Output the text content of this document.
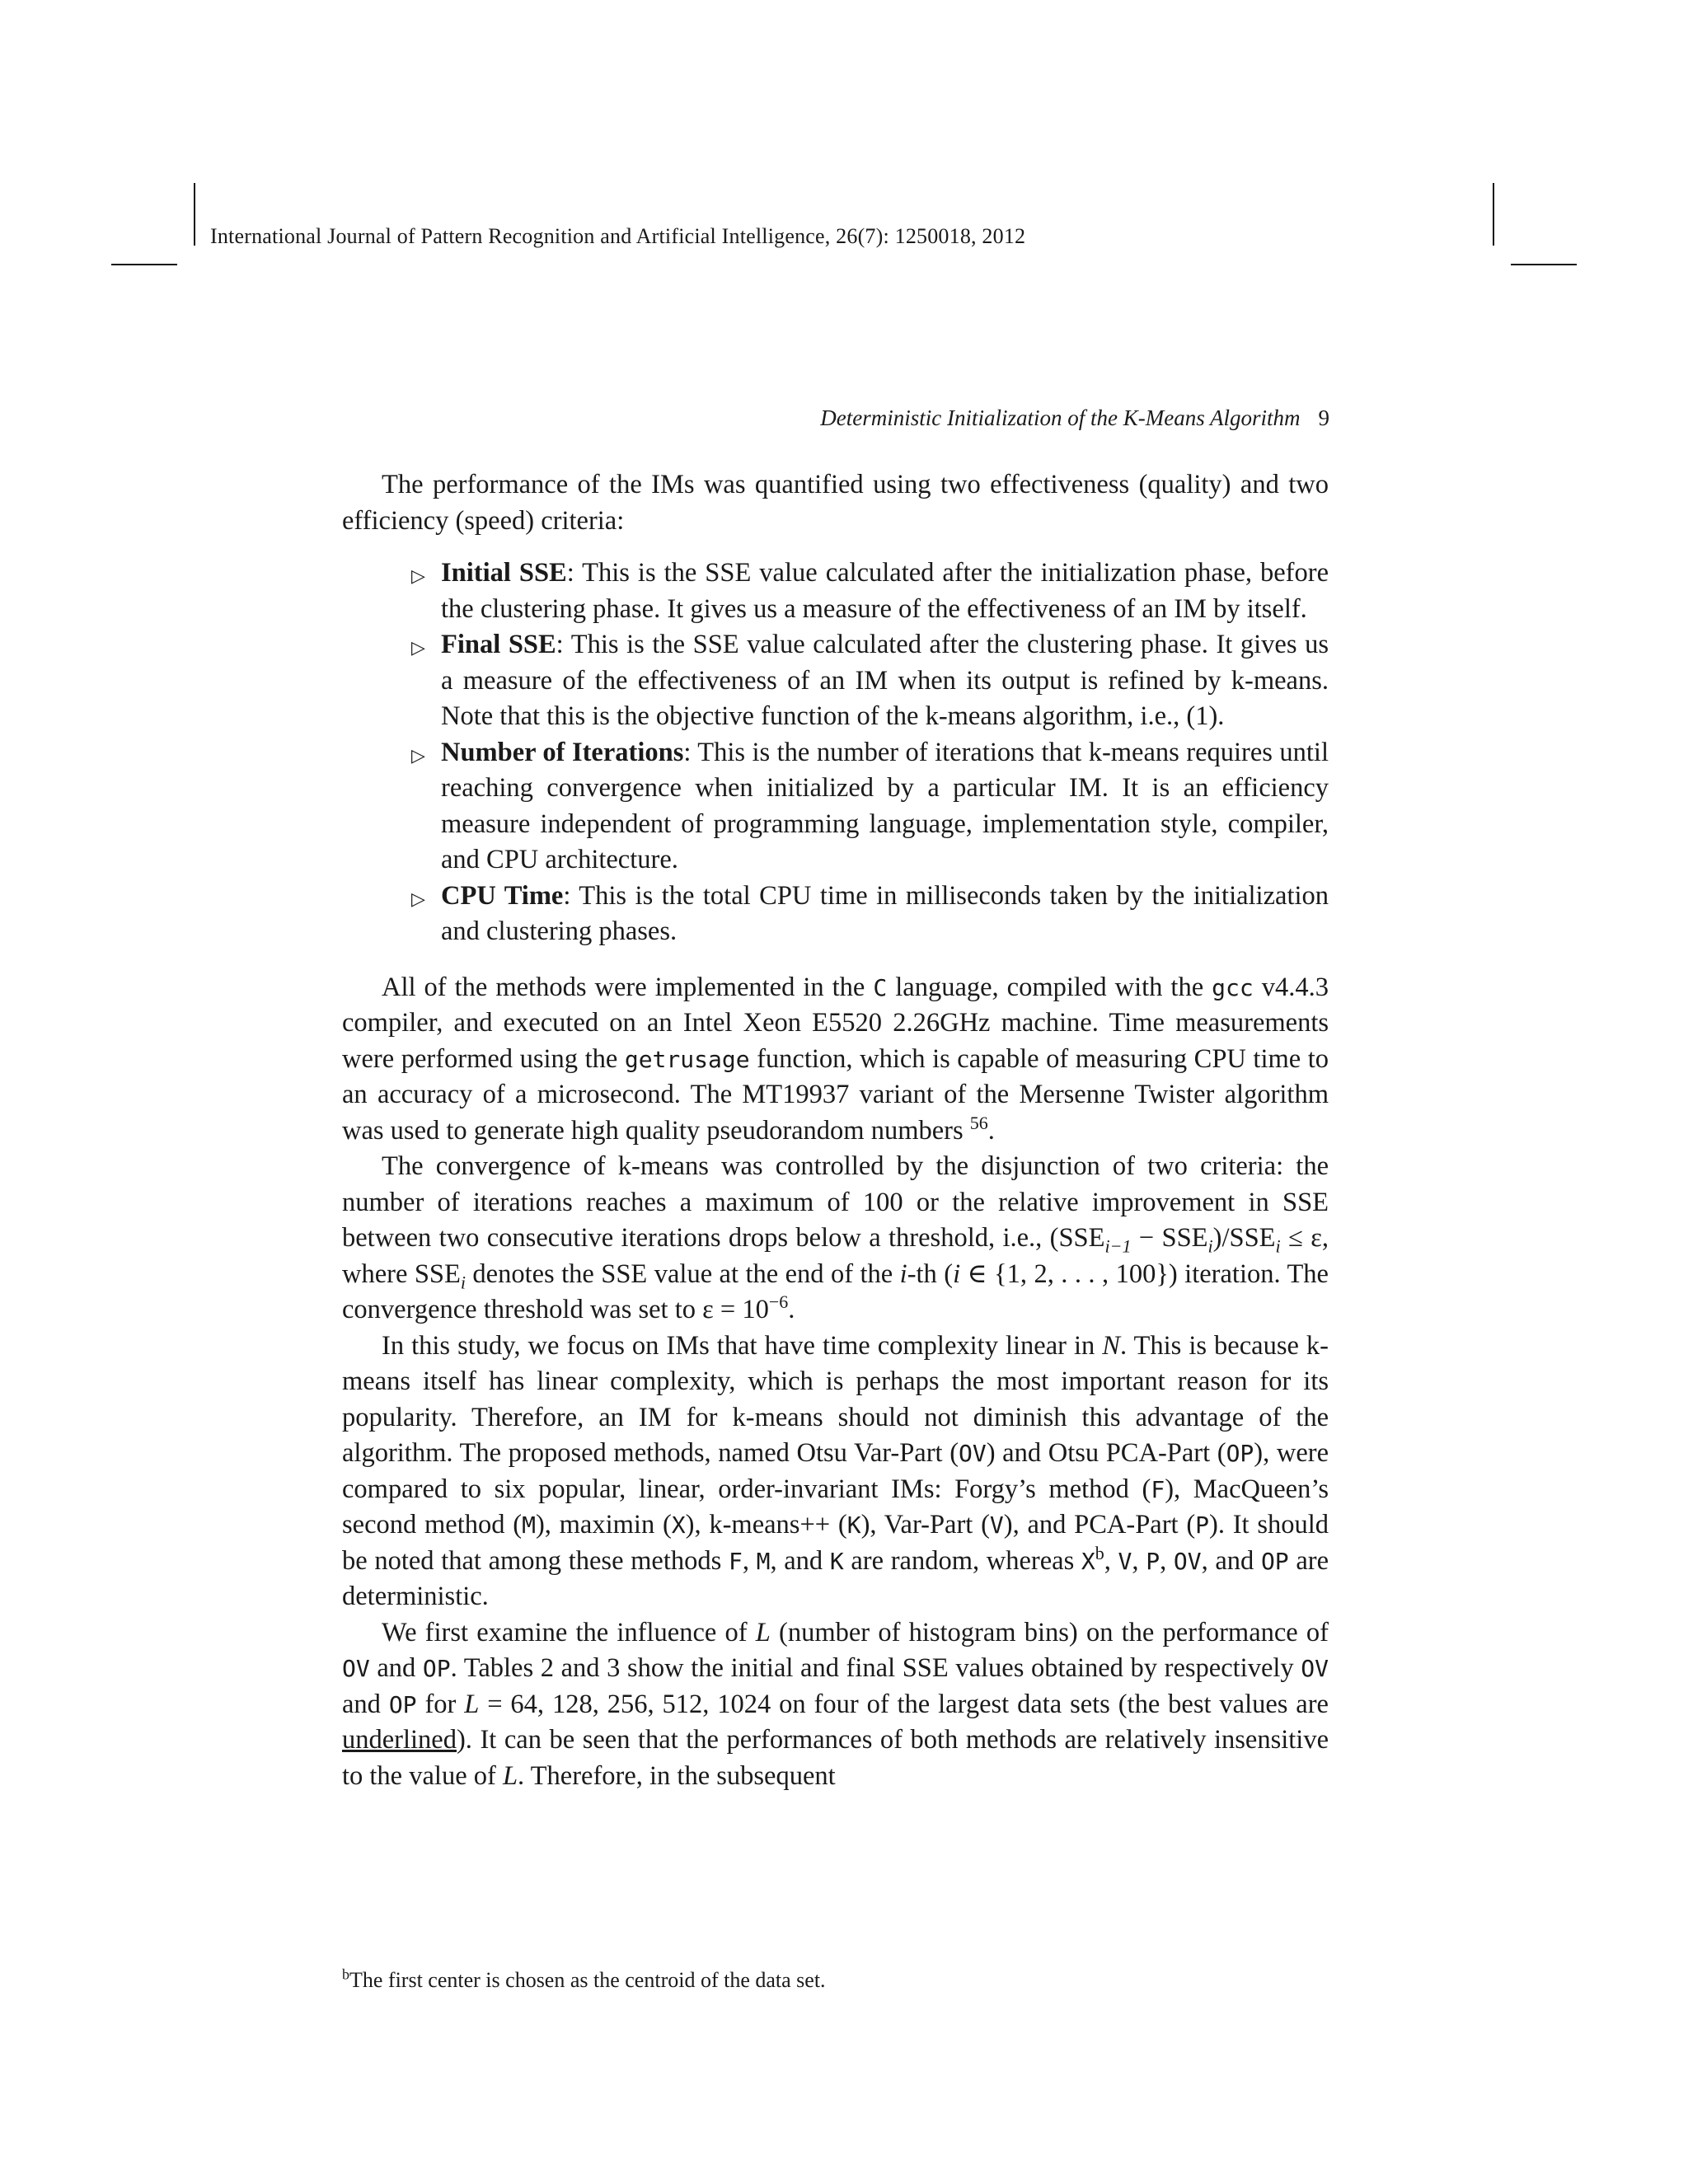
International Journal of Pattern Recognition and Artificial Intelligence, 26(7): 1250018, 2012
Deterministic Initialization of the K-Means Algorithm 9

The performance of the IMs was quantified using two effectiveness (quality) and two efficiency (speed) criteria:

▷ Initial SSE: This is the SSE value calculated after the initialization phase, before the clustering phase. It gives us a measure of the effectiveness of an IM by itself.
▷ Final SSE: This is the SSE value calculated after the clustering phase. It gives us a measure of the effectiveness of an IM when its output is refined by k-means. Note that this is the objective function of the k-means algorithm, i.e., (1).
▷ Number of Iterations: This is the number of iterations that k-means requires until reaching convergence when initialized by a particular IM. It is an efficiency measure independent of programming language, implementation style, compiler, and CPU architecture.
▷ CPU Time: This is the total CPU time in milliseconds taken by the initialization and clustering phases.

All of the methods were implemented in the C language, compiled with the gcc v4.4.3 compiler, and executed on an Intel Xeon E5520 2.26GHz machine. Time measurements were performed using the getrusage function, which is capable of measuring CPU time to an accuracy of a microsecond. The MT19937 variant of the Mersenne Twister algorithm was used to generate high quality pseudorandom numbers $^{56}$.

The convergence of k-means was controlled by the disjunction of two criteria: the number of iterations reaches a maximum of 100 or the relative improvement in SSE between two consecutive iterations drops below a threshold, i.e., $(SSE_{i-1} - SSE_i)/SSE_i \le \varepsilon$, where $SSE_i$ denotes the SSE value at the end of the i-th (i ∈ {1, 2, . . . , 100}) iteration. The convergence threshold was set to $\varepsilon = 10^{-6}$.

In this study, we focus on IMs that have time complexity linear in N. This is because k-means itself has linear complexity, which is perhaps the most important reason for its popularity. Therefore, an IM for k-means should not diminish this advantage of the algorithm. The proposed methods, named Otsu Var-Part (OV) and Otsu PCA-Part (OP), were compared to six popular, linear, order-invariant IMs: Forgy’s method (F), MacQueen’s second method (M), maximin (X), k-means++ (K), Var-Part (V), and PCA-Part (P). It should be noted that among these methods F, M, and K are random, whereas $X^b$, V, P, OV, and OP are deterministic.

We first examine the influence of L (number of histogram bins) on the performance of OV and OP. Tables 2 and 3 show the initial and final SSE values obtained by respectively OV and OP for L = 64, 128, 256, 512, 1024 on four of the largest data sets (the best values are underlined). It can be seen that the performances of both methods are relatively insensitive to the value of L. Therefore, in the subsequent

$^b$The first center is chosen as the centroid of the data set.
